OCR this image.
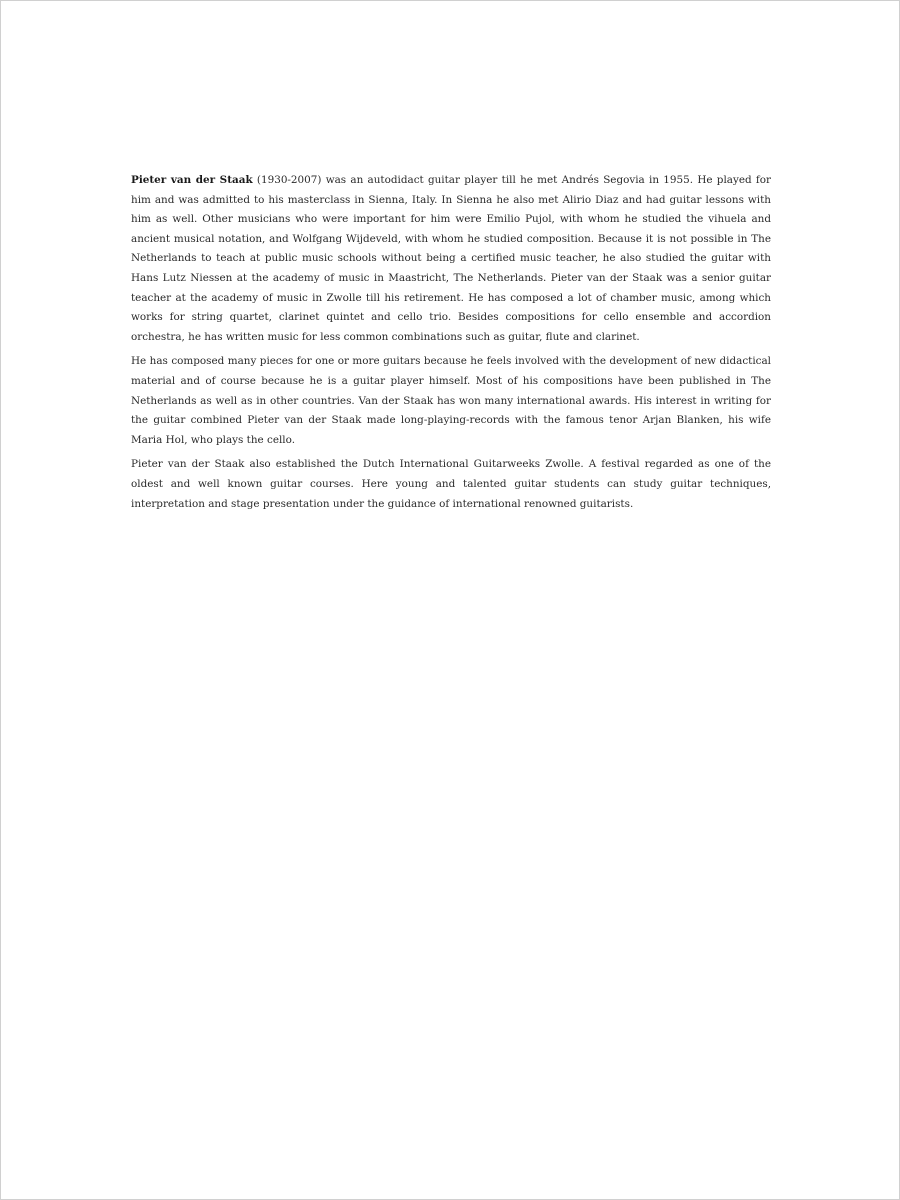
Pieter van der Staak (1930-2007) was an autodidact guitar player till he met Andrés Segovia in 1955. He played for him and was admitted to his masterclass in Sienna, Italy. In Sienna he also met Alirio Diaz and had guitar lessons with him as well. Other musicians who were important for him were Emilio Pujol, with whom he studied the vihuela and ancient musical notation, and Wolfgang Wijdeveld, with whom he studied composition. Because it is not possible in The Netherlands to teach at public music schools without being a certified music teacher, he also studied the guitar with Hans Lutz Niessen at the academy of music in Maastricht, The Netherlands. Pieter van der Staak was a senior guitar teacher at the academy of music in Zwolle till his retirement. He has composed a lot of chamber music, among which works for string quartet, clarinet quintet and cello trio. Besides compositions for cello ensemble and accordion orchestra, he has written music for less common combinations such as guitar, flute and clarinet.

He has composed many pieces for one or more guitars because he feels involved with the development of new didactical material and of course because he is a guitar player himself. Most of his compositions have been published in The Netherlands as well as in other countries. Van der Staak has won many international awards. His interest in writing for the guitar combined Pieter van der Staak made long-playing-records with the famous tenor Arjan Blanken, his wife Maria Hol, who plays the cello.

Pieter van der Staak also established the Dutch International Guitarweeks Zwolle. A festival regarded as one of the oldest and well known guitar courses. Here young and talented guitar students can study guitar techniques, interpretation and stage presentation under the guidance of international renowned guitarists.
